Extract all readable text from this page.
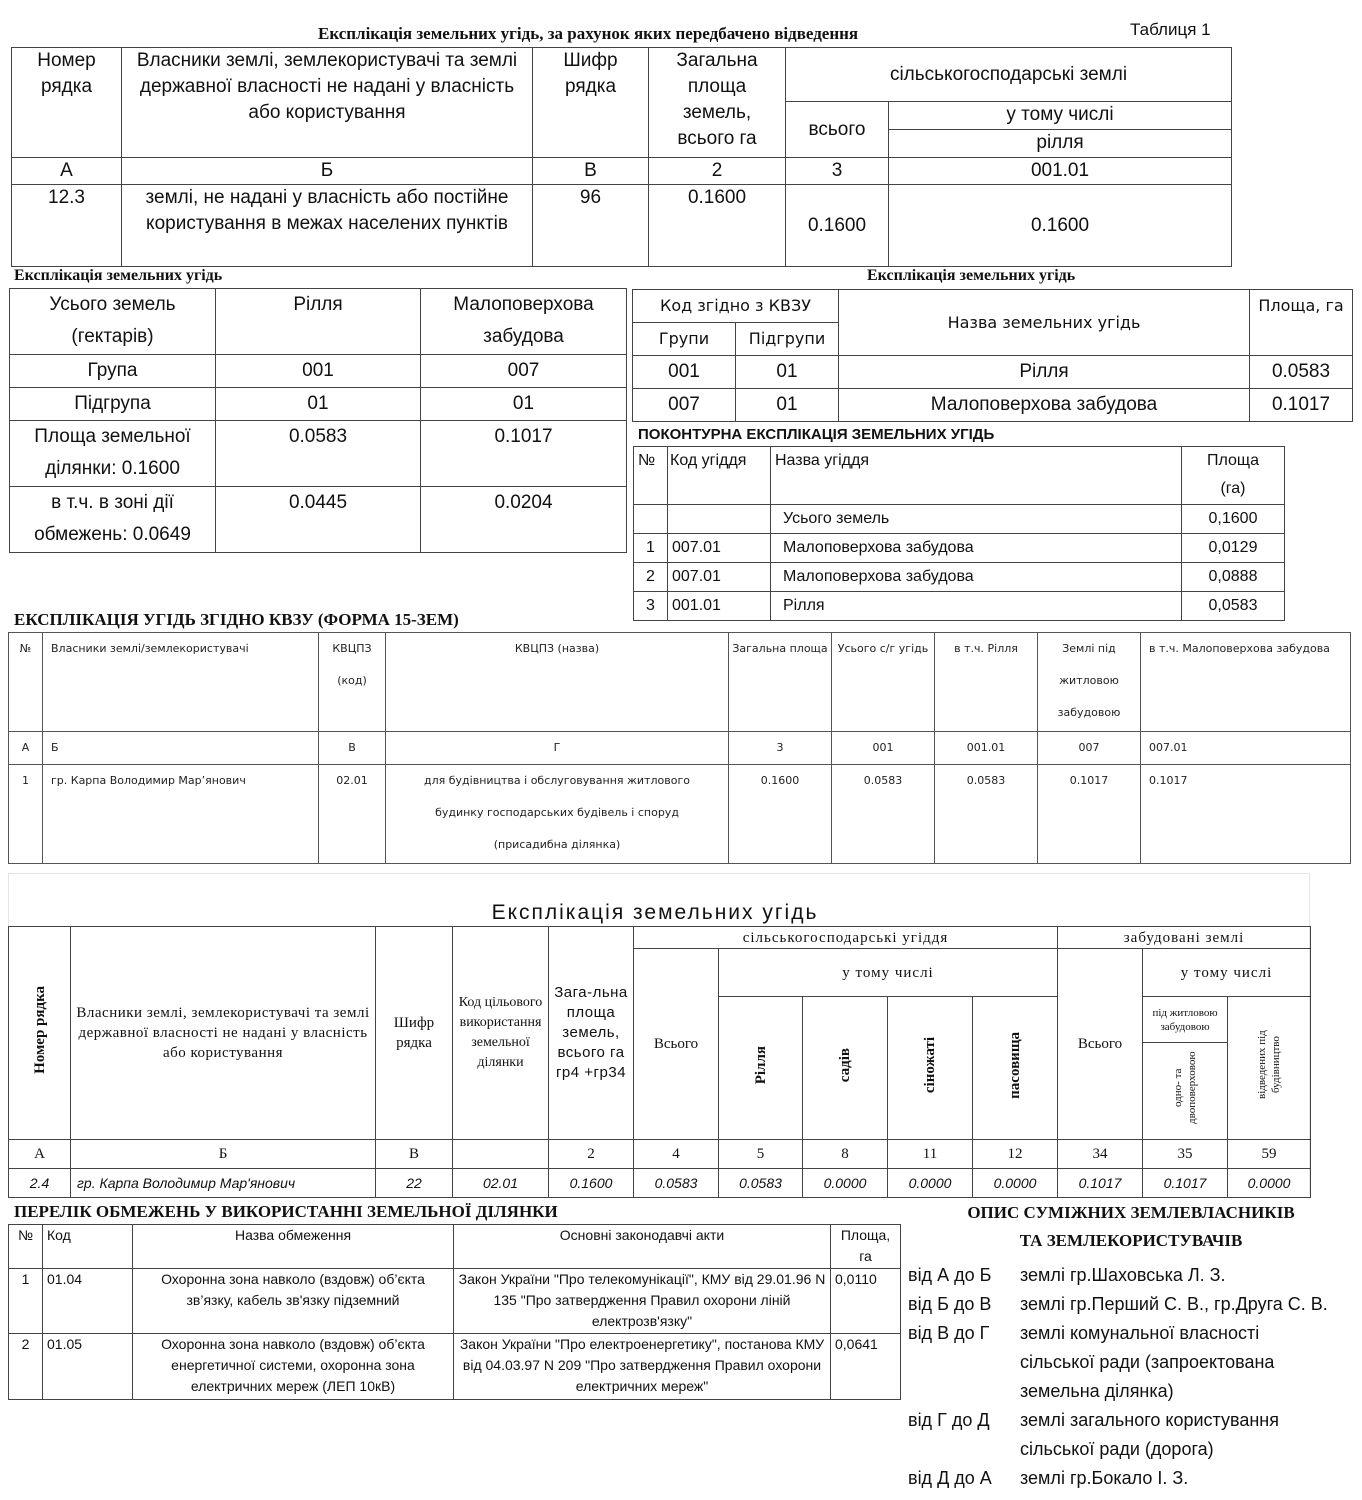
Експлікація земельних угідь, за рахунок яких передбачено відведення	Таблиця 1
Номер рядка	Власники землі, землекористувачі та землі державної власності не надані у власність або користування	Шифр рядка	Загальна площа земель, всього га	сільськогосподарські землі	
				всього	у тому числі
					рілля
А	Б	В	2	3	001.01
12.3	землі, не надані у власність або постійне користування в межах населених пунктів	96	0.1600	0.1600	0.1600
Експлікація земельних угідь
Усього земель (гектарів)	Рілля	Малоповерхова забудова
Група	001	007
Підгрупа	01	01
Площа земельної ділянки: 0.1600	0.0583	0.1017
в т.ч. в зоні дії обмежень: 0.0649	0.0445	0.0204
Експлікація земельних угідь
Код згідно з КВЗУ		Назва земельних угідь	Площа, га
Групи	Підгрупи		
001	01	Рілля	0.0583
007	01	Малоповерхова забудова	0.1017
ПОКОНТУРНА ЕКСПЛІКАЦІЯ ЗЕМЕЛЬНИХ УГІДЬ
№	Код угіддя	Назва угіддя	Площа (га)
		Усього земель	0,1600
1	007.01	Малоповерхова забудова	0,0129
2	007.01	Малоповерхова забудова	0,0888
3	001.01	Рілля	0,0583
ЕКСПЛІКАЦІЯ УГІДЬ ЗГІДНО КВЗУ (ФОРМА 15-ЗЕМ)
№	Власники землі/землекористувачі	КВЦПЗ (код)	КВЦПЗ (назва)	Загальна площа	Усього с/г угідь	в т.ч. Рілля	Землі під житловою забудовою	в т.ч. Малоповерхова забудова
А	Б	В	Г	3	001	001.01	007	007.01
1	гр. Карпа Володимир Мар’янович	02.01	для будівництва і обслуговування житлового будинку господарських будівель і споруд (присадибна ділянка)	0.1600	0.0583	0.0583	0.1017	0.1017
Експлікація земельних угідь
Номер рядка	Власники землі, землекористувачі та землі державної власності не надані у власність або користування	Шифр рядка	Код цільового використання земельної ділянки	Зага-льна площа земель, всього га гр4 +гр34	сільськогосподарські угіддя					забудовані землі		
					Всього	у тому числі				Всього	у тому числі	
						Рілля	садів	сіножаті	пасовища		під житловою забудовою	відведених під будівництво
											одно- та двоповерховою	
А	Б	В		2	4	5	8	11	12	34	35	59
2.4	гр. Карпа Володимир Мар'янович	22	02.01	0.1600	0.0583	0.0583	0.0000	0.0000	0.0000	0.1017	0.1017	0.0000
ПЕРЕЛІК ОБМЕЖЕНЬ У ВИКОРИСТАННІ ЗЕМЕЛЬНОЇ ДІЛЯНКИ
№	Код	Назва обмеження	Основні законодавчі акти	Площа, га
1	01.04	Охоронна зона навколо (вздовж) об’єкта зв’язку, кабель зв'язку підземний	Закон України "Про телекомунікації", КМУ від 29.01.96 N 135 "Про затвердження Правил охорони ліній електрозв'язку"	0,0110
2	01.05	Охоронна зона навколо (вздовж) об’єкта енергетичної системи, охоронна зона електричних мереж (ЛЕП 10кВ)	Закон України "Про електроенергетику", постанова КМУ від 04.03.97 N 209 "Про затвердження Правил охорони електричних мереж"	0,0641
ОПИС СУМІЖНИХ ЗЕМЛЕВЛАСНИКІВ
ТА ЗЕМЛЕКОРИСТУВАЧІВ
від А до Б	землі гр.Шаховська Л. З.
від Б до В	землі гр.Перший С. В., гр.Друга С. В.
від В до Г	землі комунальної власності сільської ради (запроектована земельна ділянка)
від Г до Д	землі загального користування сільської ради (дорога)
від Д до А	землі гр.Бокало І. З.
